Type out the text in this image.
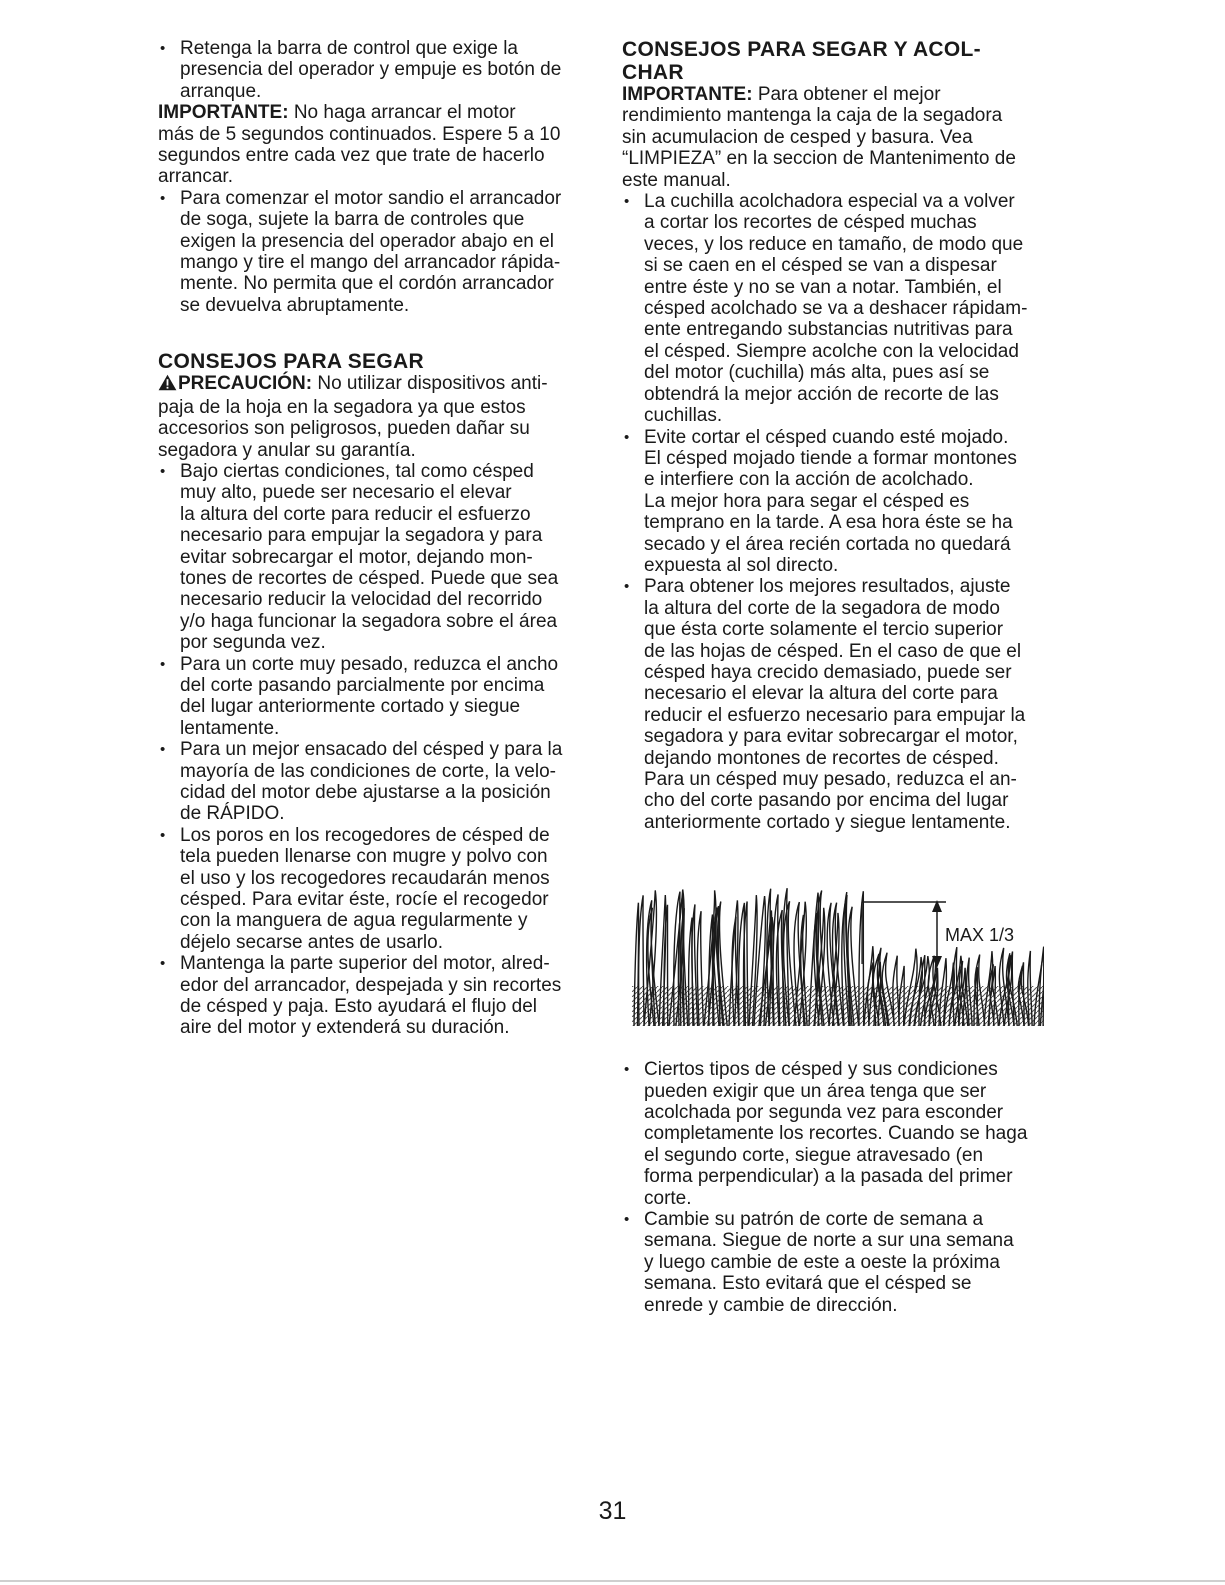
• Retenga la barra de control que exige la
presencia del operador y empuje es botón de
arranque.

IMPORTANTE: No haga arrancar el motor
más de 5 segundos continuados. Espere 5 a 10
segundos entre cada vez que trate de hacerlo
arrancar.

• Para comenzar el motor sandio el arrancador
de soga, sujete la barra de controles que
exigen la presencia del operador abajo en el
mango y tire el mango del arrancador rápida-
mente. No permita que el cordón arrancador
se devuelva abruptamente.
CONSEJOS PARA SEGAR

PRECAUCIÓN: No utilizar dispositivos anti-
paja de la hoja en la segadora ya que estos
accesorios son peligrosos, pueden dañar su
segadora y anular su garantía.

• Bajo ciertas condiciones, tal como césped
muy alto, puede ser necesario el elevar
la altura del corte para reducir el esfuerzo
necesario para empujar la segadora y para
evitar sobrecargar el motor, dejando mon-
tones de recortes de césped. Puede que sea
necesario reducir la velocidad del recorrido
y/o haga funcionar la segadora sobre el área
por segunda vez.
• Para un corte muy pesado, reduzca el ancho
del corte pasando parcialmente por encima
del lugar anteriormente cortado y siegue
lentamente.
• Para un mejor ensacado del césped y para la
mayoría de las condiciones de corte, la velo-
cidad del motor debe ajustarse a la posición
de RÁPIDO.
• Los poros en los recogedores de césped de
tela pueden llenarse con mugre y polvo con
el uso y los recogedores recaudarán menos
césped. Para evitar éste, rocíe el recogedor
con la manguera de agua regularmente y
déjelo secarse antes de usarlo.
• Mantenga la parte superior del motor, alred-
edor del arrancador, despejada y sin recortes
de césped y paja. Esto ayudará el flujo del
aire del motor y extenderá su duración.
CONSEJOS PARA SEGAR Y ACOL-
CHAR

IMPORTANTE: Para obtener el mejor
rendimiento mantenga la caja de la segadora
sin acumulacion de cesped y basura. Vea
“LIMPIEZA” en la seccion de Mantenimento de
este manual.

• La cuchilla acolchadora especial va a volver
a cortar los recortes de césped muchas
veces, y los reduce en tamaño, de modo que
si se caen en el césped se van a dispesar
entre éste y no se van a notar. También, el
césped acolchado se va a deshacer rápidam-
ente entregando substancias nutritivas para
el césped. Siempre acolche con la velocidad
del motor (cuchilla) más alta, pues así se
obtendrá la mejor acción de recorte de las
cuchillas.
• Evite cortar el césped cuando esté mojado.
El césped mojado tiende a formar montones
e interfiere con la acción de acolchado.
La mejor hora para segar el césped es
temprano en la tarde. A esa hora éste se ha
secado y el área recién cortada no quedará
expuesta al sol directo.
• Para obtener los mejores resultados, ajuste
la altura del corte de la segadora de modo
que ésta corte solamente el tercio superior
de las hojas de césped. En el caso de que el
césped haya crecido demasiado, puede ser
necesario el elevar la altura del corte para
reducir el esfuerzo necesario para empujar la
segadora y para evitar sobrecargar el motor,
dejando montones de recortes de césped.
Para un césped muy pesado, reduzca el an-
cho del corte pasando por encima del lugar
anteriormente cortado y siegue lentamente.
• Ciertos tipos de césped y sus condiciones
pueden exigir que un área tenga que ser
acolchada por segunda vez para esconder
completamente los recortes. Cuando se haga
el segundo corte, siegue atravesado (en
forma perpendicular) a la pasada del primer
corte.
• Cambie su patrón de corte de semana a
semana. Siegue de norte a sur una semana
y luego cambie de este a oeste la próxima
semana. Esto evitará que el césped se
enrede y cambie de dirección.
MAX 1/3
31
